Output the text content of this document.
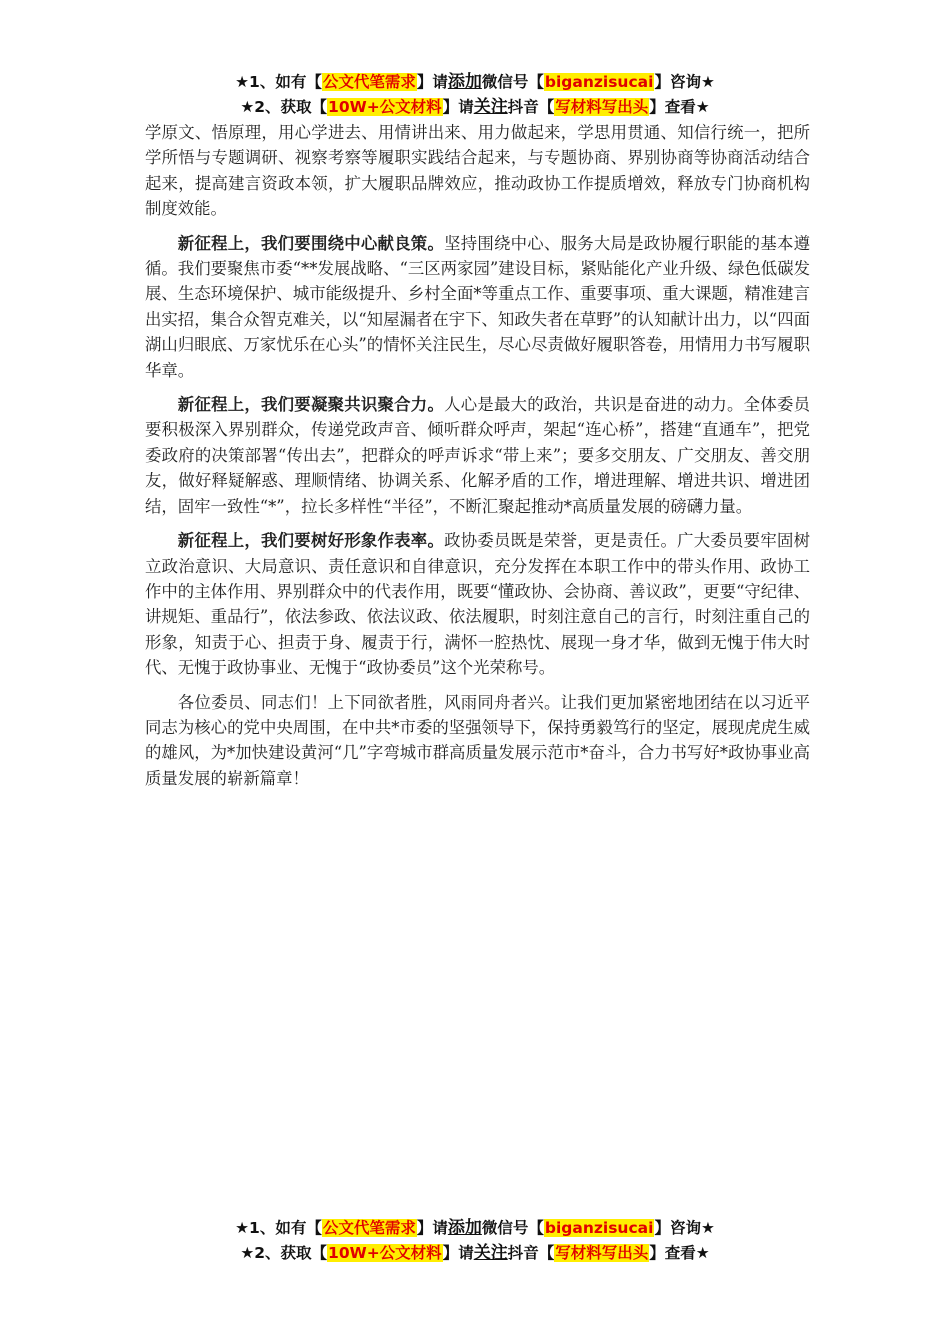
★1、如有【公文代笔需求】请添加微信号【biganzisucai】咨询★
★2、获取【10W+公文材料】请关注抖音【写材料写出头】查看★

学原文、悟原理，用心学进去、用情讲出来、用力做起来，学思用贯通、知信行统一，把所学所悟与专题调研、视察考察等履职实践结合起来，与专题协商、界别协商等协商活动结合起来，提高建言资政本领，扩大履职品牌效应，推动政协工作提质增效，释放专门协商机构制度效能。

新征程上，我们要围绕中心献良策。坚持围绕中心、服务大局是政协履行职能的基本遵循。我们要聚焦市委“**发展战略、“三区两家园”建设目标，紧贴能化产业升级、绿色低碳发展、生态环境保护、城市能级提升、乡村全面*等重点工作、重要事项、重大课题，精准建言出实招，集合众智克难关，以“知屋漏者在宇下、知政失者在草野”的认知献计出力，以“四面湖山归眼底、万家忧乐在心头”的情怀关注民生，尽心尽责做好履职答卷，用情用力书写履职华章。

新征程上，我们要凝聚共识聚合力。人心是最大的政治，共识是奋进的动力。全体委员要积极深入界别群众，传递党政声音、倾听群众呼声，架起“连心桥”，搭建“直通车”，把党委政府的决策部署“传出去”，把群众的呼声诉求“带上来”；要多交朋友、广交朋友、善交朋友，做好释疑解惑、理顺情绪、协调关系、化解矛盾的工作，增进理解、增进共识、增进团结，固牢一致性“*”，拉长多样性“半径”，不断汇聚起推动*高质量发展的磅礴力量。

新征程上，我们要树好形象作表率。政协委员既是荣誉，更是责任。广大委员要牢固树立政治意识、大局意识、责任意识和自律意识，充分发挥在本职工作中的带头作用、政协工作中的主体作用、界别群众中的代表作用，既要“懂政协、会协商、善议政”，更要“守纪律、讲规矩、重品行”，依法参政、依法议政、依法履职，时刻注意自己的言行，时刻注重自己的形象，知责于心、担责于身、履责于行，满怀一腔热忱、展现一身才华，做到无愧于伟大时代、无愧于政协事业、无愧于“政协委员”这个光荣称号。

各位委员、同志们！上下同欲者胜，风雨同舟者兴。让我们更加紧密地团结在以习近平同志为核心的党中央周围，在中共*市委的坚强领导下，保持勇毅笃行的坚定，展现虎虎生威的雄风，为*加快建设黄河“几”字弯城市群高质量发展示范市*奋斗，合力书写好*政协事业高质量发展的崭新篇章！

★1、如有【公文代笔需求】请添加微信号【biganzisucai】咨询★
★2、获取【10W+公文材料】请关注抖音【写材料写出头】查看★
